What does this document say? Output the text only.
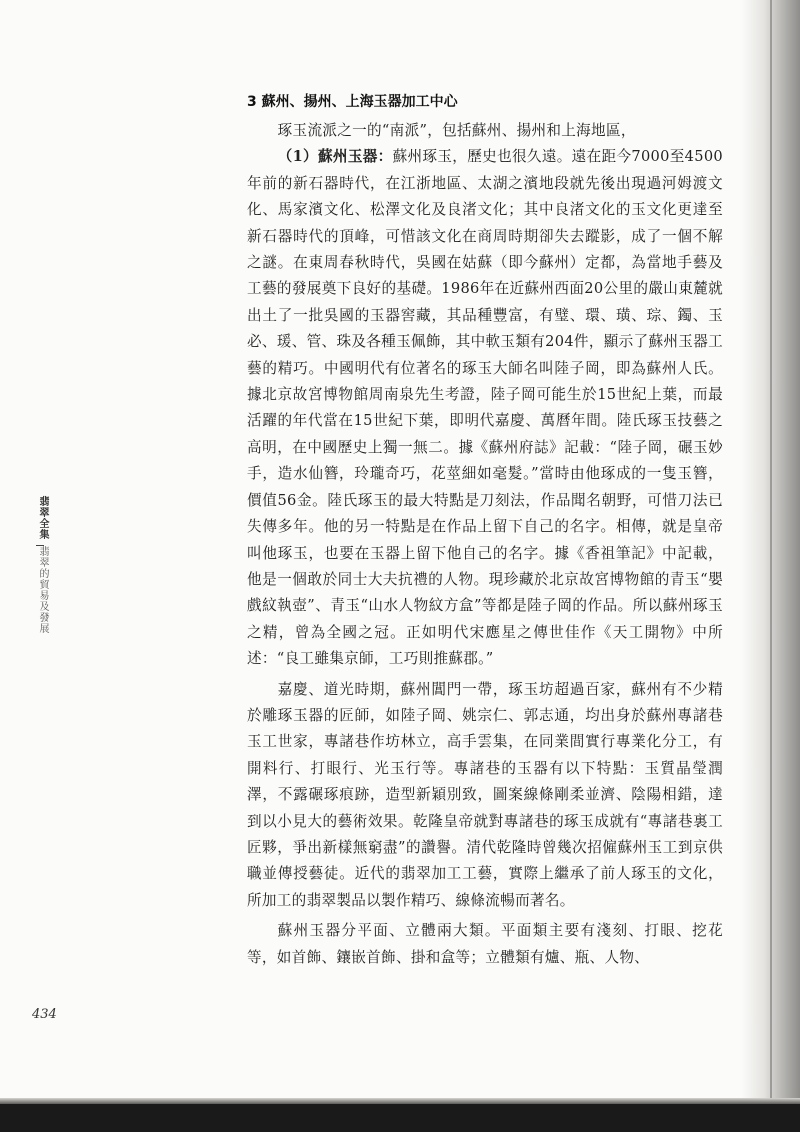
翡翠全集翡翠的貿易及發展
3 蘇州、揚州、上海玉器加工中心

琢玉流派之一的“南派”，包括蘇州、揚州和上海地區，

（1）蘇州玉器：蘇州琢玉，歷史也很久遠。遠在距今7000至4500年前的新石器時代，在江浙地區、太湖之濱地段就先後出現過河姆渡文化、馬家濱文化、松澤文化及良渚文化；其中良渚文化的玉文化更達至新石器時代的頂峰，可惜該文化在商周時期卻失去蹤影，成了一個不解之謎。在東周春秋時代，吳國在姑蘇（即今蘇州）定都，為當地手藝及工藝的發展奠下良好的基礎。1986年在近蘇州西面20公里的嚴山東麓就出土了一批吳國的玉器窖藏，其品種豐富，有璧、環、璜、琮、鐲、玉必、瑗、管、珠及各種玉佩飾，其中軟玉類有204件，顯示了蘇州玉器工藝的精巧。中國明代有位著名的琢玉大師名叫陸子岡，即為蘇州人氏。據北京故宮博物館周南泉先生考證，陸子岡可能生於15世紀上葉，而最活躍的年代當在15世紀下葉，即明代嘉慶、萬曆年間。陸氏琢玉技藝之高明，在中國歷史上獨一無二。據《蘇州府誌》記載：“陸子岡，碾玉妙手，造水仙簪，玲瓏奇巧，花莖細如毫髮。”當時由他琢成的一隻玉簪，價值56金。陸氏琢玉的最大特點是刀刻法，作品聞名朝野，可惜刀法已失傳多年。他的另一特點是在作品上留下自己的名字。相傳，就是皇帝叫他琢玉，也要在玉器上留下他自己的名字。據《香祖筆記》中記載，他是一個敢於同士大夫抗禮的人物。現珍藏於北京故宮博物館的青玉“嬰戲紋執壺”、青玉“山水人物紋方盒”等都是陸子岡的作品。所以蘇州琢玉之精，曾為全國之冠。正如明代宋應星之傳世佳作《天工開物》中所述：“良工雖集京師，工巧則推蘇郡。”

嘉慶、道光時期，蘇州閶門一帶，琢玉坊超過百家，蘇州有不少精於雕琢玉器的匠師，如陸子岡、姚宗仁、郭志通，均出身於蘇州專諸巷玉工世家，專諸巷作坊林立，高手雲集，在同業間實行專業化分工，有開料行、打眼行、光玉行等。專諸巷的玉器有以下特點：玉質晶瑩潤澤，不露碾琢痕跡，造型新穎別致，圖案線條剛柔並濟、陰陽相錯，達到以小見大的藝術效果。乾隆皇帝就對專諸巷的琢玉成就有“專諸巷裏工匠夥，爭出新樣無窮盡”的讚譽。清代乾隆時曾幾次招僱蘇州玉工到京供職並傳授藝徒。近代的翡翠加工工藝，實際上繼承了前人琢玉的文化，所加工的翡翠製品以製作精巧、線條流暢而著名。

蘇州玉器分平面、立體兩大類。平面類主要有淺刻、打眼、挖花等，如首飾、鑲嵌首飾、掛和盒等；立體類有爐、瓶、人物、

434
